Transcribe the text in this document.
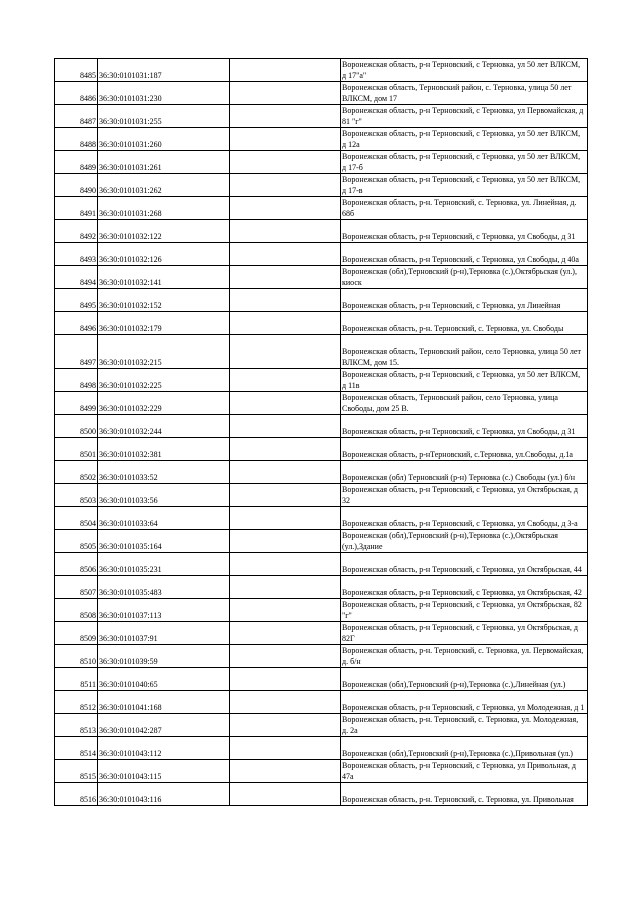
8485	36:30:0101031:187		Воронежская область, р-н Терновский, с Терновка, ул 50 лет ВЛКСМ, д 17"а"
8486	36:30:0101031:230		Воронежская область, Терновский район, с. Терновка, улица 50 лет ВЛКСМ, дом 17
8487	36:30:0101031:255		Воронежская область, р-н Терновский, с Терновка, ул Первомайская, д 81 "г"
8488	36:30:0101031:260		Воронежская область, р-н Терновский, с Терновка, ул 50 лет ВЛКСМ, д 12а
8489	36:30:0101031:261		Воронежская область, р-н Терновский, с Терновка, ул 50 лет ВЛКСМ, д 17-б
8490	36:30:0101031:262		Воронежская область, р-н Терновский, с Терновка, ул 50 лет ВЛКСМ, д 17-в
8491	36:30:0101031:268		Воронежская область, р-н. Терновский, с. Терновка, ул. Линейная, д. 68б
8492	36:30:0101032:122		Воронежская область, р-н Терновский, с Терновка, ул Свободы, д 31
8493	36:30:0101032:126		Воронежская область, р-н Терновский, с Терновка, ул Свободы, д 40а
8494	36:30:0101032:141		Воронежская (обл),Терновский (р-н),Терновка (с.),Октябрьская (ул.), киоск
8495	36:30:0101032:152		Воронежская область, р-н Терновский, с Терновка, ул Линейная
8496	36:30:0101032:179		Воронежская область, р-н. Терновский, с. Терновка, ул. Свободы
8497	36:30:0101032:215		Воронежская область, Терновский район, село Терновка, улица 50 лет ВЛКСМ, дом 15.
8498	36:30:0101032:225		Воронежская область, р-н Терновский, с Терновка, ул 50 лет ВЛКСМ, д 11в
8499	36:30:0101032:229		Воронежская область, Терновский район, село Терновка, улица Свободы, дом 25 В.
8500	36:30:0101032:244		Воронежская область, р-н Терновский, с Терновка, ул Свободы, д 31
8501	36:30:0101032:381		Воронежская область, р-нТерновский, с.Терновка, ул.Свободы, д.1а
8502	36:30:0101033:52		Воронежская (обл) Терновский (р-н) Терновка (с.) Свободы (ул.) б/н
8503	36:30:0101033:56		Воронежская область, р-н Терновский, с Терновка, ул Октябрьская, д 32
8504	36:30:0101033:64		Воронежская область, р-н Терновский, с Терновка, ул Свободы, д 3-а
8505	36:30:0101035:164		Воронежская (обл),Терновский (р-н),Терновка (с.),Октябрьская (ул.),Здание
8506	36:30:0101035:231		Воронежская область, р-н Терновский, с Терновка, ул Октябрьская, 44
8507	36:30:0101035:483		Воронежская область, р-н Терновский, с Терновка, ул Октябрьская, 42
8508	36:30:0101037:113		Воронежская область, р-н Терновский, с Терновка, ул Октябрьская, 82 "г"
8509	36:30:0101037:91		Воронежская область, р-н Терновский, с Терновка, ул Октябрьская, д 82Г
8510	36:30:0101039:59		Воронежская область, р-н. Терновский, с. Терновка, ул. Первомайская, д. б/н
8511	36:30:0101040:65		Воронежская (обл),Терновский (р-н),Терновка (с.),Линейная (ул.)
8512	36:30:0101041:168		Воронежская область, р-н Терновский, с Терновка, ул Молодежная, д 1
8513	36:30:0101042:287		Воронежская область, р-н. Терновский, с. Терновка, ул. Молодежная, д. 2а
8514	36:30:0101043:112		Воронежская (обл),Терновский (р-н),Терновка (с.),Привольная (ул.)
8515	36:30:0101043:115		Воронежская область, р-н Терновский, с Терновка, ул Привольная, д 47а
8516	36:30:0101043:116		Воронежская область, р-н. Терновский, с. Терновка, ул. Привольная
